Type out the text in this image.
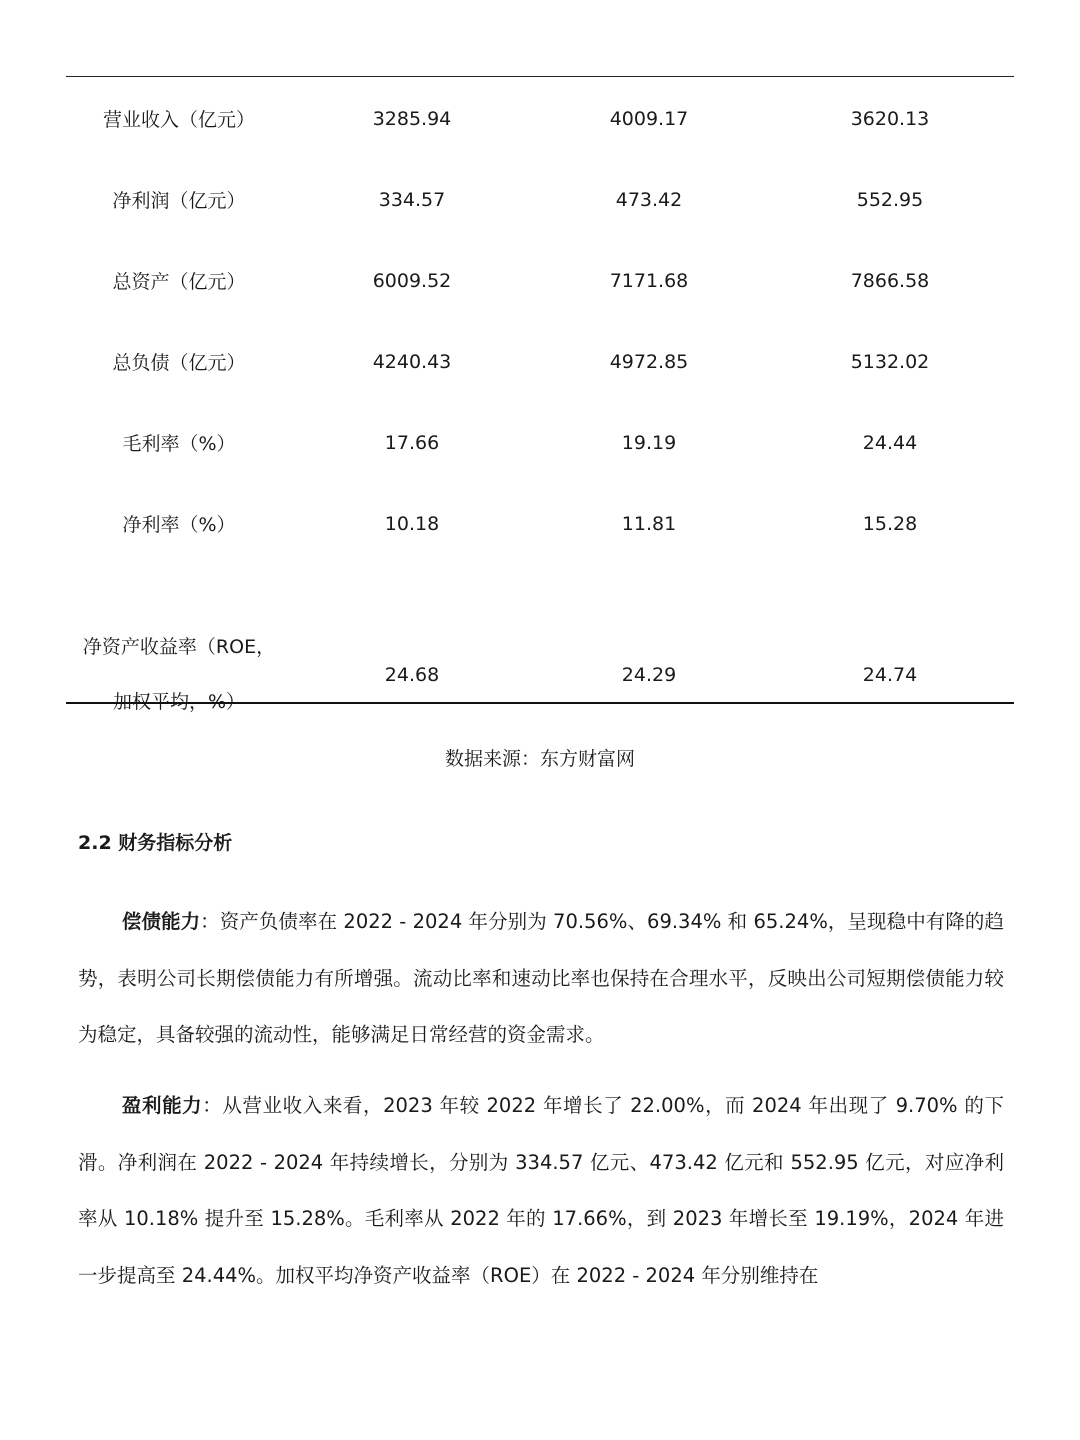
营业收入（亿元）	3285.94	4009.17	3620.13
净利润（亿元）	334.57	473.42	552.95
总资产（亿元）	6009.52	7171.68	7866.58
总负债（亿元）	4240.43	4972.85	5132.02
毛利率（%）	17.66	19.19	24.44
净利率（%）	10.18	11.81	15.28

净资产收益率（ROE，
加权平均，%）	24.68	24.29	24.74
数据来源：东方财富网
2.2 财务指标分析

偿债能力：资产负债率在 2022 - 2024 年分别为 70.56%、69.34% 和 65.24%，呈现稳中有降的趋势，表明公司长期偿债能力有所增强。流动比率和速动比率也保持在合理水平，反映出公司短期偿债能力较为稳定，具备较强的流动性，能够满足日常经营的资金需求。

盈利能力：从营业收入来看，2023 年较 2022 年增长了 22.00%，而 2024 年出现了 9.70% 的下滑。净利润在 2022 - 2024 年持续增长，分别为 334.57 亿元、473.42 亿元和 552.95 亿元，对应净利率从 10.18% 提升至 15.28%。毛利率从 2022 年的 17.66%，到 2023 年增长至 19.19%，2024 年进一步提高至 24.44%。加权平均净资产收益率（ROE）在 2022 - 2024 年分别维持在
